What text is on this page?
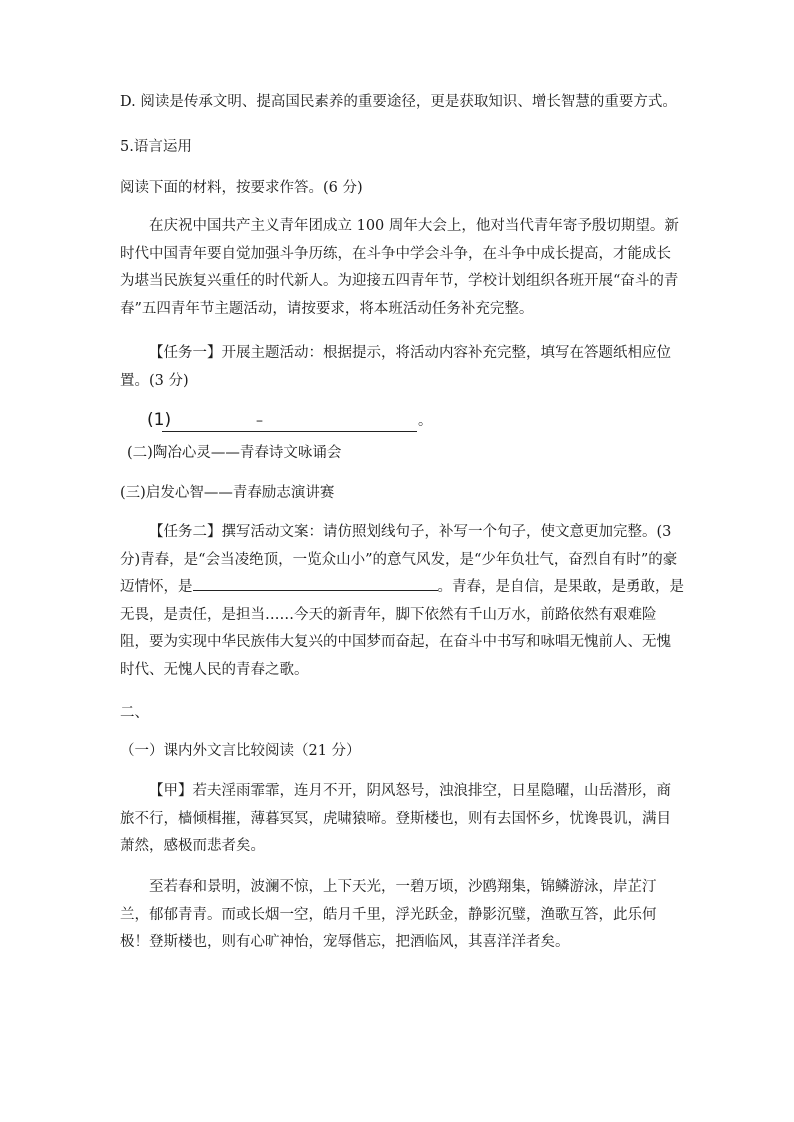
D. 阅读是传承文明、提高国民素养的重要途径，更是获取知识、增长智慧的重要方式。

5.语言运用

阅读下面的材料，按要求作答。(6 分)

在庆祝中国共产主义青年团成立 100 周年大会上，他对当代青年寄予殷切期望。新时代中国青年要自觉加强斗争历练，在斗争中学会斗争，在斗争中成长提高，才能成长为堪当民族复兴重任的时代新人。为迎接五四青年节，学校计划组织各班开展“奋斗的青春”五四青年节主题活动，请按要求，将本班活动任务补充完整。

【任务一】开展主题活动：根据提示，将活动内容补充完整，填写在答题纸相应位置。(3 分)

(1)	–	。

(二)陶冶心灵——青春诗文咏诵会

(三)启发心智——青春励志演讲赛

【任务二】撰写活动文案：请仿照划线句子，补写一个句子，使文意更加完整。(3 分)青春，是“会当凌绝顶，一览众山小”的意气风发，是“少年负壮气，奋烈自有时”的豪迈情怀，是	。青春，是自信，是果敢，是勇敢，是无畏，是责任，是担当……今天的新青年，脚下依然有千山万水，前路依然有艰难险阻，要为实现中华民族伟大复兴的中国梦而奋起，在奋斗中书写和咏唱无愧前人、无愧时代、无愧人民的青春之歌。

二、

（一）课内外文言比较阅读（21 分）

【甲】若夫淫雨霏霏，连月不开，阴风怒号，浊浪排空，日星隐曜，山岳潜形，商旅不行，樯倾楫摧，薄暮冥冥，虎啸猿啼。登斯楼也，则有去国怀乡，忧谗畏讥，满目萧然，感极而悲者矣。

至若春和景明，波澜不惊，上下天光，一碧万顷，沙鸥翔集，锦鳞游泳，岸芷汀兰，郁郁青青。而或长烟一空，皓月千里，浮光跃金，静影沉璧，渔歌互答，此乐何极！登斯楼也，则有心旷神怡，宠辱偕忘，把酒临风，其喜洋洋者矣。
